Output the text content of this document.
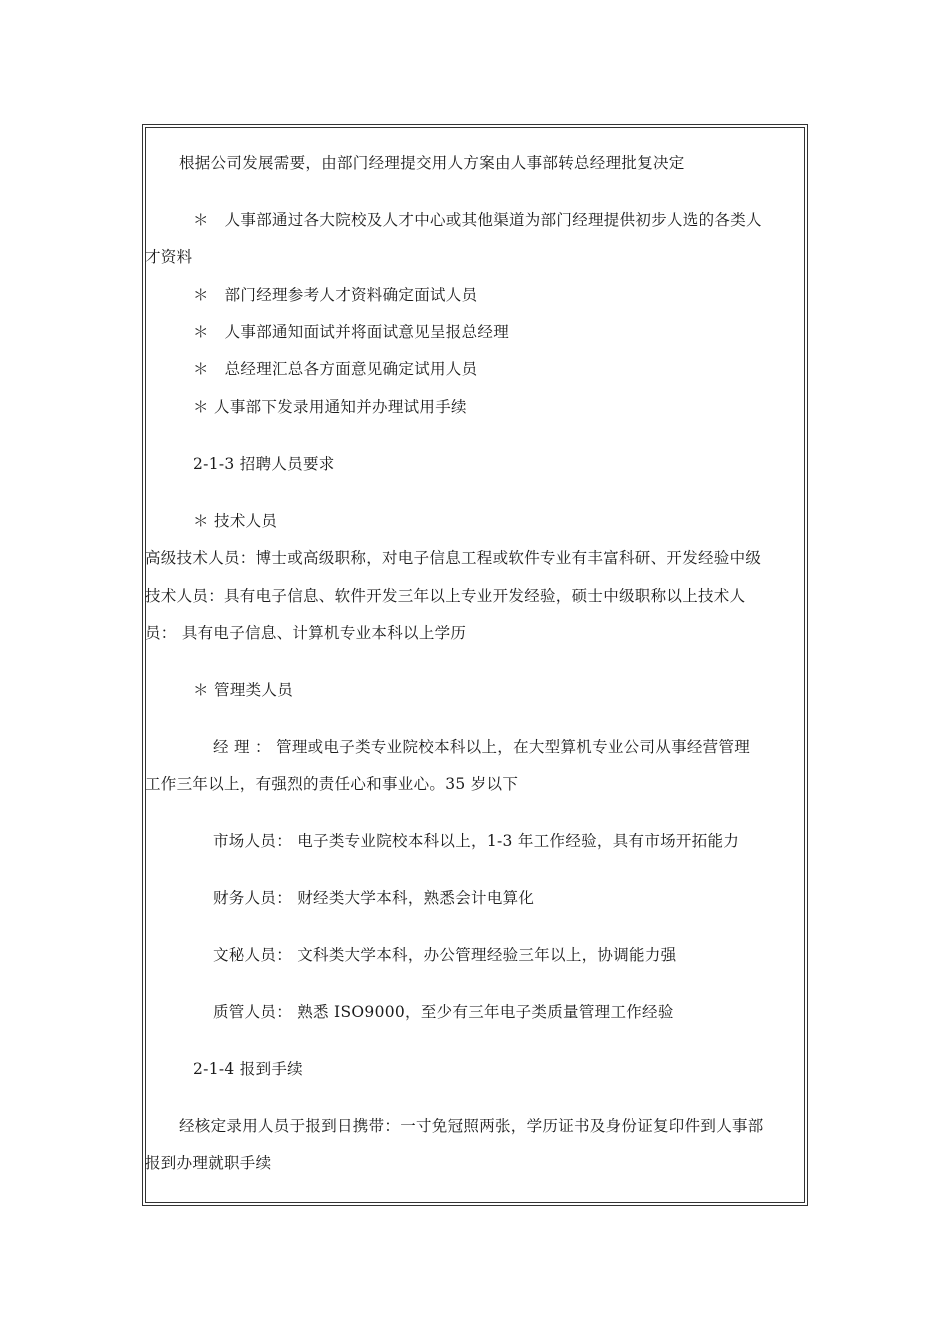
根据公司发展需要，由部门经理提交用人方案由人事部转总经理批复决定
＊　人事部通过各大院校及人才中心或其他渠道为部门经理提供初步人选的各类人
才资料
＊　部门经理参考人才资料确定面试人员
＊　人事部通知面试并将面试意见呈报总经理
＊　总经理汇总各方面意见确定试用人员
＊ 人事部下发录用通知并办理试用手续
2-1-3 招聘人员要求
＊ 技术人员
高级技术人员：博士或高级职称，对电子信息工程或软件专业有丰富科研、开发经验中级
技术人员：具有电子信息、软件开发三年以上专业开发经验，硕士中级职称以上技术人
员： 具有电子信息、计算机专业本科以上学历
＊ 管理类人员
经 理 ： 管理或电子类专业院校本科以上，在大型算机专业公司从事经营管理
工作三年以上，有强烈的责任心和事业心。35 岁以下
市场人员： 电子类专业院校本科以上，1-3 年工作经验，具有市场开拓能力
财务人员： 财经类大学本科，熟悉会计电算化
文秘人员： 文科类大学本科，办公管理经验三年以上，协调能力强
质管人员： 熟悉 ISO9000，至少有三年电子类质量管理工作经验
2-1-4 报到手续
经核定录用人员于报到日携带：一寸免冠照两张，学历证书及身份证复印件到人事部
报到办理就职手续
